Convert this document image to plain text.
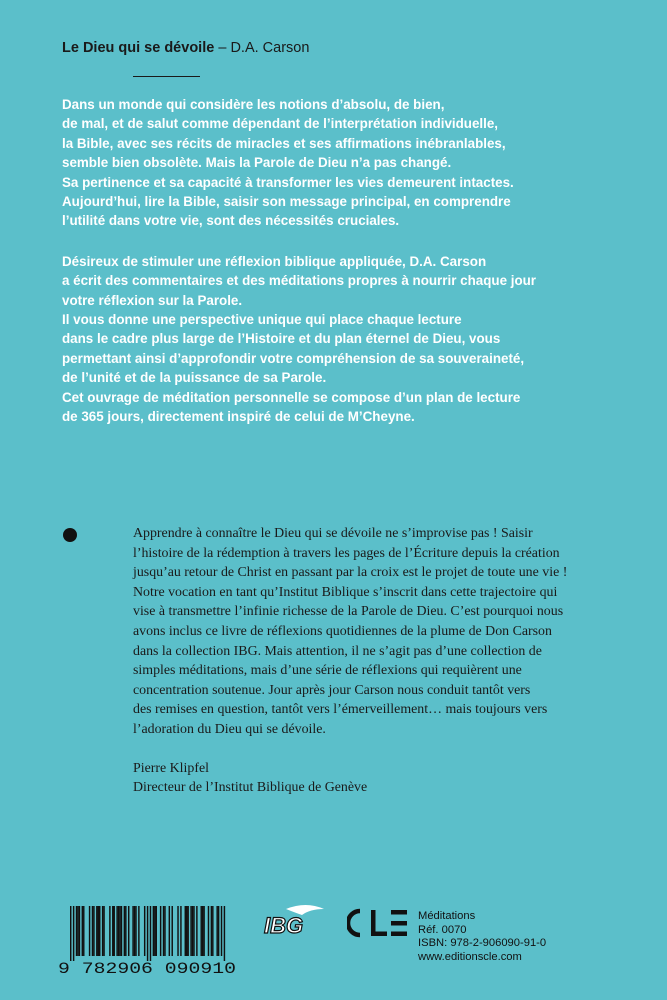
Le Dieu qui se dévoile – D.A. Carson

Dans un monde qui considère les notions d’absolu, de bien,

de mal, et de salut comme dépendant de l’interprétation individuelle,

la Bible, avec ses récits de miracles et ses affirmations inébranlables,

semble bien obsolète. Mais la Parole de Dieu n’a pas changé.

Sa pertinence et sa capacité à transformer les vies demeurent intactes.

Aujourd’hui, lire la Bible, saisir son message principal, en comprendre

l’utilité dans votre vie, sont des nécessités cruciales.

Désireux de stimuler une réflexion biblique appliquée, D.A. Carson

a écrit des commentaires et des méditations propres à nourrir chaque jour

votre réflexion sur la Parole.

Il vous donne une perspective unique qui place chaque lecture

dans le cadre plus large de l’Histoire et du plan éternel de Dieu, vous

permettant ainsi d’approfondir votre compréhension de sa souveraineté,

de l’unité et de la puissance de sa Parole.

Cet ouvrage de méditation personnelle se compose d’un plan de lecture

de 365 jours, directement inspiré de celui de M’Cheyne.

Apprendre à connaître le Dieu qui se dévoile ne s’improvise pas ! Saisir

l’histoire de la rédemption à travers les pages de l’Écriture depuis la création

jusqu’au retour de Christ en passant par la croix est le projet de toute une vie !

Notre vocation en tant qu’Institut Biblique s’inscrit dans cette trajectoire qui

vise à transmettre l’infinie richesse de la Parole de Dieu. C’est pourquoi nous

avons inclus ce livre de réflexions quotidiennes de la plume de Don Carson

dans la collection IBG. Mais attention, il ne s’agit pas d’une collection de

simples méditations, mais d’une série de réflexions qui requièrent une

concentration soutenue. Jour après jour Carson nous conduit tantôt vers

des remises en question, tantôt vers l’émerveillement… mais toujours vers

l’adoration du Dieu qui se dévoile.

Pierre Klipfel

Directeur de l’Institut Biblique de Genève

9 782906 090910
IBG	Méditations
Réf. 0070
ISBN: 978-2-906090-91-0
www.editionscle.com
